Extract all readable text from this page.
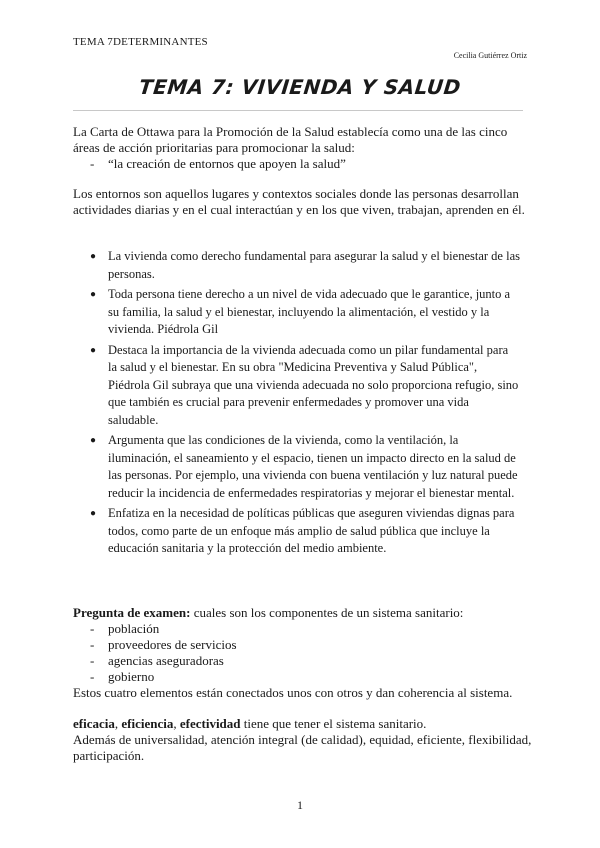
TEMA 7DETERMINANTES
Cecilia Gutiérrez Ortiz
TEMA 7: VIVIENDA Y SALUD

La Carta de Ottawa para la Promoción de la Salud establecía como una de las cinco áreas de acción prioritarias para promocionar la salud:

- “la creación de entornos que apoyen la salud”

Los entornos son aquellos lugares y contextos sociales donde las personas desarrollan actividades diarias y en el cual interactúan y en los que viven, trabajan, aprenden en él.

● La vivienda como derecho fundamental para asegurar la salud y el bienestar de las personas.
● Toda persona tiene derecho a un nivel de vida adecuado que le garantice, junto a su familia, la salud y el bienestar, incluyendo la alimentación, el vestido y la vivienda. Piédrola Gil
● Destaca la importancia de la vivienda adecuada como un pilar fundamental para la salud y el bienestar. En su obra "Medicina Preventiva y Salud Pública", Piédrola Gil subraya que una vivienda adecuada no solo proporciona refugio, sino que también es crucial para prevenir enfermedades y promover una vida saludable.
● Argumenta que las condiciones de la vivienda, como la ventilación, la iluminación, el saneamiento y el espacio, tienen un impacto directo en la salud de las personas. Por ejemplo, una vivienda con buena ventilación y luz natural puede reducir la incidencia de enfermedades respiratorias y mejorar el bienestar mental.
● Enfatiza en la necesidad de políticas públicas que aseguren viviendas dignas para todos, como parte de un enfoque más amplio de salud pública que incluye la educación sanitaria y la protección del medio ambiente.

Pregunta de examen: cuales son los componentes de un sistema sanitario:

- población
- proveedores de servicios
- agencias aseguradoras
- gobierno

Estos cuatro elementos están conectados unos con otros y dan coherencia al sistema.

eficacia, eficiencia, efectividad tiene que tener el sistema sanitario.

Además de universalidad, atención integral (de calidad), equidad, eficiente, flexibilidad, participación.

1
